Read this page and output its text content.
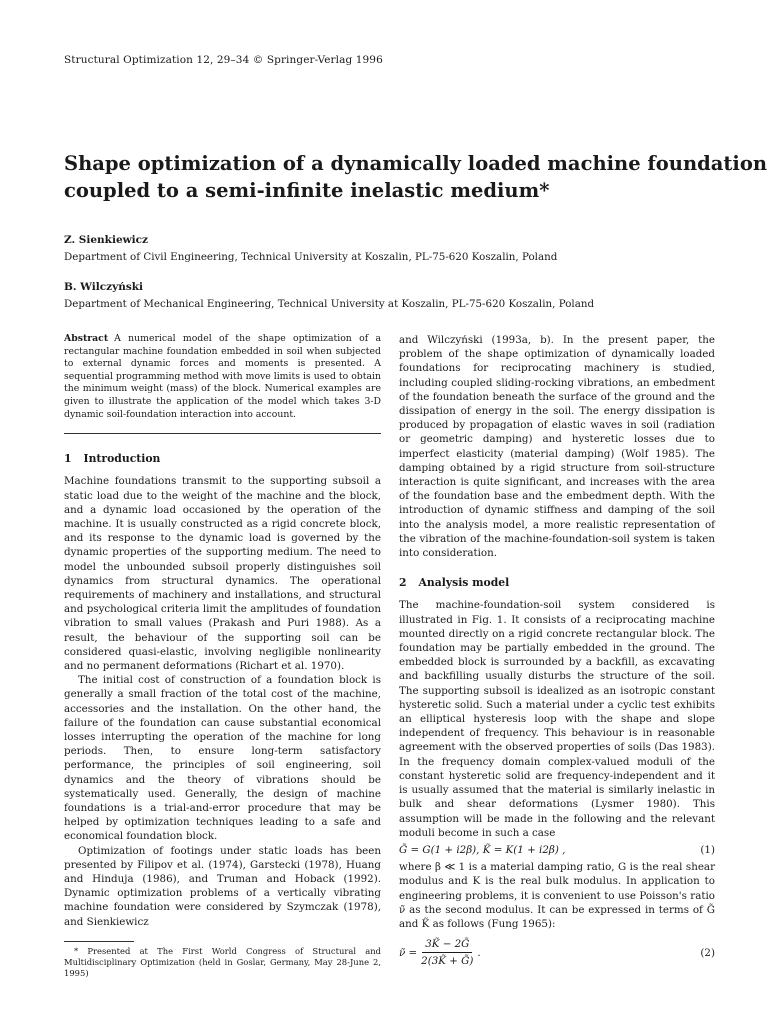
Structural Optimization 12, 29–34 © Springer-Verlag 1996
Shape optimization of a dynamically loaded machine foundation
coupled to a semi-infinite inelastic medium*
Z. Sienkiewicz
Department of Civil Engineering, Technical University at Koszalin, PL-75-620 Koszalin, Poland
B. Wilczyński
Department of Mechanical Engineering, Technical University at Koszalin, PL-75-620 Koszalin, Poland

Abstract A numerical model of the shape optimization of a rectangular machine foundation embedded in soil when subjected to external dynamic forces and moments is presented. A sequential programming method with move limits is used to obtain the minimum weight (mass) of the block. Numerical examples are given to illustrate the application of the model which takes 3-D dynamic soil-foundation interaction into account.

1 Introduction

Machine foundations transmit to the supporting subsoil a static load due to the weight of the machine and the block, and a dynamic load occasioned by the operation of the machine. It is usually constructed as a rigid concrete block, and its response to the dynamic load is governed by the dynamic properties of the supporting medium. The need to model the unbounded subsoil properly distinguishes soil dynamics from structural dynamics. The operational requirements of machinery and installations, and structural and psychological criteria limit the amplitudes of foundation vibration to small values (Prakash and Puri 1988). As a result, the behaviour of the supporting soil can be considered quasi-elastic, involving negligible nonlinearity and no permanent deformations (Richart et al. 1970).

The initial cost of construction of a foundation block is generally a small fraction of the total cost of the machine, accessories and the installation. On the other hand, the failure of the foundation can cause substantial economical losses interrupting the operation of the machine for long periods. Then, to ensure long-term satisfactory performance, the principles of soil engineering, soil dynamics and the theory of vibrations should be systematically used. Generally, the design of machine foundations is a trial-and-error procedure that may be helped by optimization techniques leading to a safe and economical foundation block.

Optimization of footings under static loads has been presented by Filipov et al. (1974), Garstecki (1978), Huang and Hinduja (1986), and Truman and Hoback (1992). Dynamic optimization problems of a vertically vibrating machine foundation were considered by Szymczak (1978), and Sienkiewicz

* Presented at The First World Congress of Structural and Multidisciplinary Optimization (held in Goslar, Germany, May 28-June 2, 1995)

and Wilczyński (1993a, b). In the present paper, the problem of the shape optimization of dynamically loaded foundations for reciprocating machinery is studied, including coupled sliding-rocking vibrations, an embedment of the foundation beneath the surface of the ground and the dissipation of energy in the soil. The energy dissipation is produced by propagation of elastic waves in soil (radiation or geometric damping) and hysteretic losses due to imperfect elasticity (material damping) (Wolf 1985). The damping obtained by a rigid structure from soil-structure interaction is quite significant, and increases with the area of the foundation base and the embedment depth. With the introduction of dynamic stiffness and damping of the soil into the analysis model, a more realistic representation of the vibration of the machine-foundation-soil system is taken into consideration.

2 Analysis model

The machine-foundation-soil system considered is illustrated in Fig. 1. It consists of a reciprocating machine mounted directly on a rigid concrete rectangular block. The foundation may be partially embedded in the ground. The embedded block is surrounded by a backfill, as excavating and backfilling usually disturbs the structure of the soil. The supporting subsoil is idealized as an isotropic constant hysteretic solid. Such a material under a cyclic test exhibits an elliptical hysteresis loop with the shape and slope independent of frequency. This behaviour is in reasonable agreement with the observed properties of soils (Das 1983). In the frequency domain complex-valued moduli of the constant hysteretic solid are frequency-independent and it is usually assumed that the material is similarly inelastic in bulk and shear deformations (Lysmer 1980). This assumption will be made in the following and the relevant moduli become in such a case

G̃ = G(1 + i2β), K̃ = K(1 + i2β) ,	(1)

where β ≪ 1 is a material damping ratio, G is the real shear modulus and K is the real bulk modulus. In application to engineering problems, it is convenient to use Poisson's ratio ν̃ as the second modulus. It can be expressed in terms of G̃ and K̃ as follows (Fung 1965):

ν̃ = $\frac{3K̃ - 2G̃}{2(3K̃ + G̃)}$ .	(2)
